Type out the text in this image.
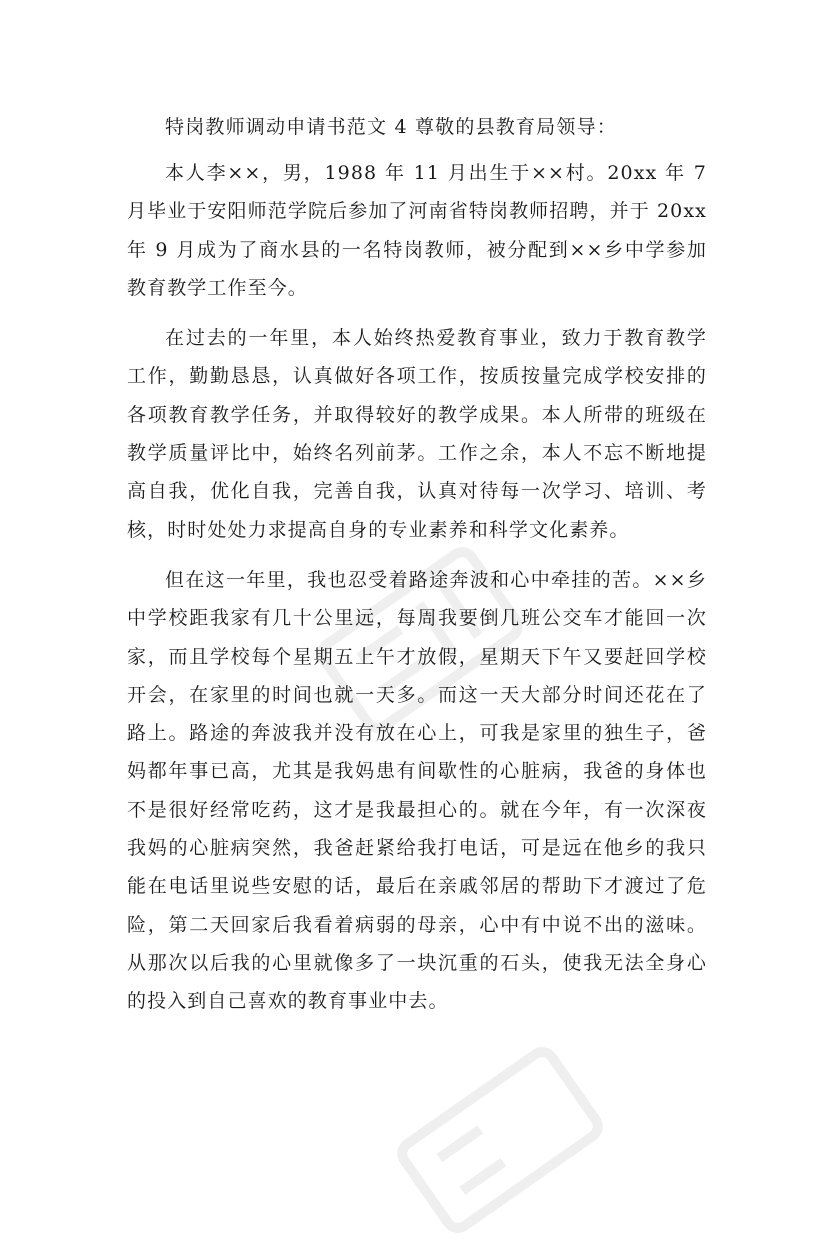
特岗教师调动申请书范文 4 尊敬的县教育局领导：

本人李××，男，1988 年 11 月出生于××村。20xx 年 7 月毕业于安阳师范学院后参加了河南省特岗教师招聘，并于 20xx 年 9 月成为了商水县的一名特岗教师，被分配到××乡中学参加教育教学工作至今。

在过去的一年里，本人始终热爱教育事业，致力于教育教学工作，勤勤恳恳，认真做好各项工作，按质按量完成学校安排的各项教育教学任务，并取得较好的教学成果。本人所带的班级在教学质量评比中，始终名列前茅。工作之余，本人不忘不断地提高自我，优化自我，完善自我，认真对待每一次学习、培训、考核，时时处处力求提高自身的专业素养和科学文化素养。

但在这一年里，我也忍受着路途奔波和心中牵挂的苦。××乡中学校距我家有几十公里远，每周我要倒几班公交车才能回一次家，而且学校每个星期五上午才放假，星期天下午又要赶回学校开会，在家里的时间也就一天多。而这一天大部分时间还花在了路上。路途的奔波我并没有放在心上，可我是家里的独生子，爸妈都年事已高，尤其是我妈患有间歇性的心脏病，我爸的身体也不是很好经常吃药，这才是我最担心的。就在今年，有一次深夜我妈的心脏病突然，我爸赶紧给我打电话，可是远在他乡的我只能在电话里说些安慰的话，最后在亲戚邻居的帮助下才渡过了危险，第二天回家后我看着病弱的母亲，心中有中说不出的滋味。从那次以后我的心里就像多了一块沉重的石头，使我无法全身心的投入到自己喜欢的教育事业中去。
